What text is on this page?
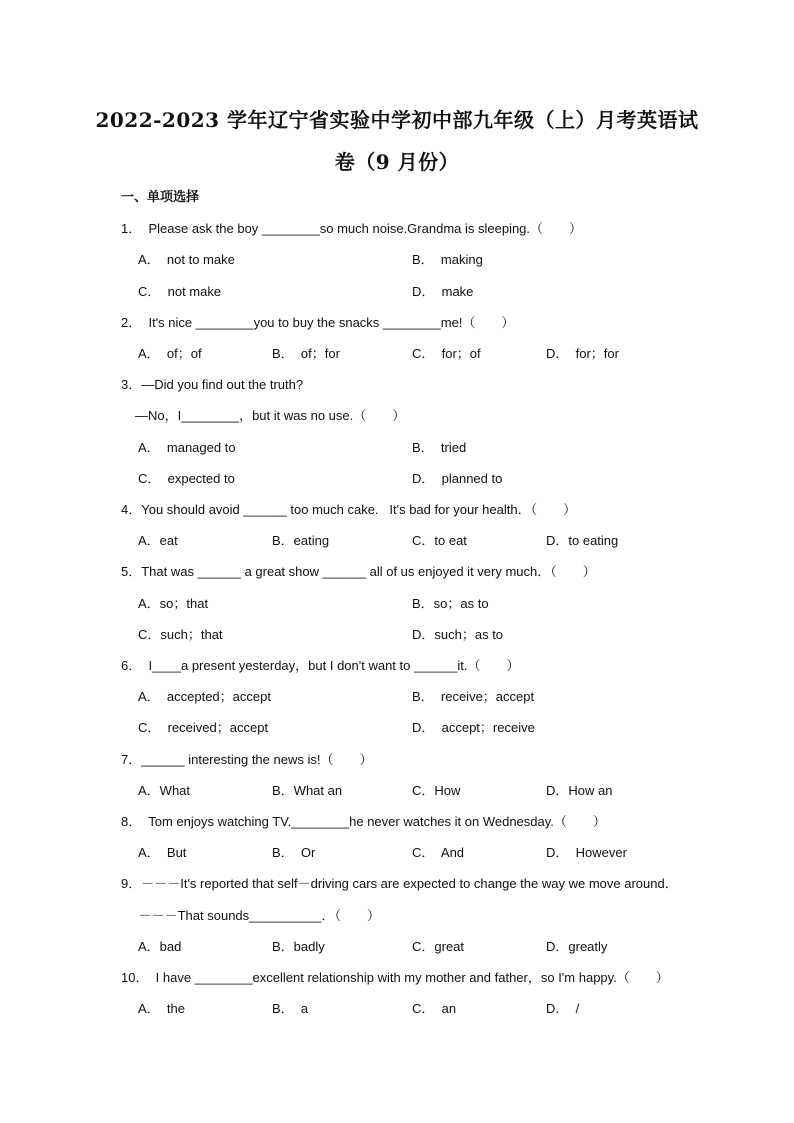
2022-2023 学年辽宁省实验中学初中部九年级（上）月考英语试
卷（9 月份）
一、单项选择
1．  Please ask the boy ________so much noise.Grandma is sleeping.（　　）
A．  not to make	B．  making
C．  not make	D．  make
2．  It's nice ________you to buy the snacks ________me!（　　）
A．  of；of	B．  of；for	C．  for；of	D．  for；for
3．—Did you find out the truth?
—No，I________，but it was no use.（　　）
A．  managed to	B．  tried
C．  expected to	D．  planned to
4．You should avoid ______ too much cake.   It's bad for your health．（　　）
A．eat	B．eating	C．to eat	D．to eating
5．That was ______ a great show ______ all of us enjoyed it very much．（　　）
A．so；that	B．so；as to
C．such；that	D．such；as to
6．  I____a present yesterday，but I don't want to ______it.（　　）
A．  accepted；accept	B．  receive；accept
C．  received；accept	D．  accept；receive
7．______ interesting the news is!（　　）
A．What	B．What an	C．How	D．How an
8．  Tom enjoys watching TV.________he never watches it on Wednesday.（　　）
A．  But	B．  Or	C．  And	D．  However
9．－－－It's reported that self－driving cars are expected to change the way we move around．
－－－That sounds__________．（　　）
A．bad	B．badly	C．great	D．greatly
10．  I have ________excellent relationship with my mother and father，so I'm happy.（　　）
A．  the	B．  a	C．  an	D．  /
